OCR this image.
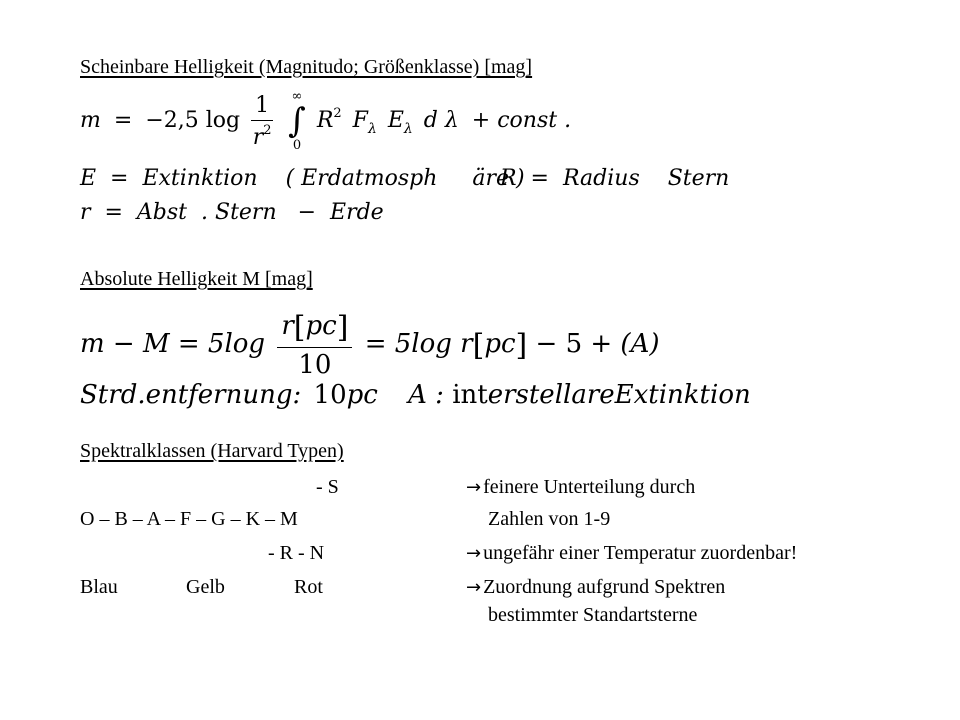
Scheinbare Helligkeit (Magnitudo; Größenklasse) [mag]
m = −2,5 $\log \frac{1}{r^2}$
∞
∫
0
$R^2$ $F_\lambda$ $E_\lambda$ d λ + const .
E  =  Extinktion    ( Erdatmosph     äre )
R  =  Radius    Stern
r  =  Abst  . Stern   −  Erde
Absolute Helligkeit M [mag]
$m - M = 5\log \frac{r[pc]}{10} = 5\log$ r[pc] − 5 + (A)
Strd.entfernung: 10pc A : interstellareExtinktion
Spektralklassen (Harvard Typen)
- S	→ feinere Unterteilung durch
O – B – A – F – G – K – M	Zahlen von 1-9
- R - N	→ ungefähr einer Temperatur zuordenbar!
Blau	Gelb	Rot	→ Zuordnung aufgrund Spektren
bestimmter Standartsterne
